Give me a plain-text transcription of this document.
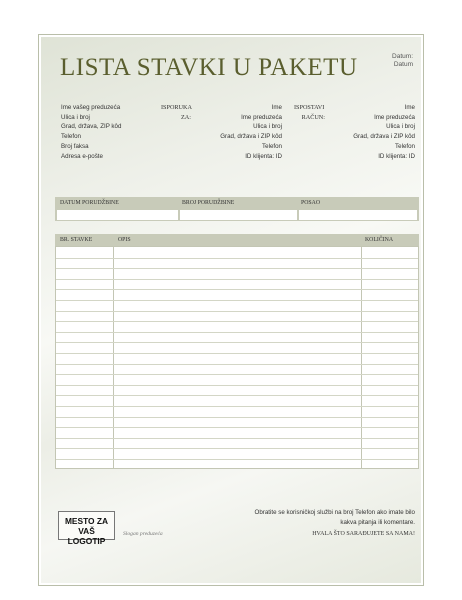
LISTA STAVKI U PAKETU	Datum:
Datum
Ime vašeg preduzeća
Ulica i broj
Grad, država, ZIP kôd
Telefon
Broj faksa
Adresa e-pošte
ISPORUKA
ZA:
Ime
Ime preduzeća
Ulica i broj
Grad, država i ZIP kôd
Telefon
ID klijenta: ID
ISPOSTAVI
RAČUN:
Ime
Ime preduzeća
Ulica i broj
Grad, država i ZIP kôd
Telefon
ID klijenta: ID
DATUM PORUDŽBINE	BROJ PORUDŽBINE	POSAO
BR. STAVKE	OPIS	KOLIČINA
MESTO ZA
VAŠ LOGOTIP
Slogan preduzeća
Obratite se korisničkoj službi na broj Telefon ako imate bilo
kakva pitanja ili komentare.
HVALA ŠTO SARAĐUJETE SA NAMA!
